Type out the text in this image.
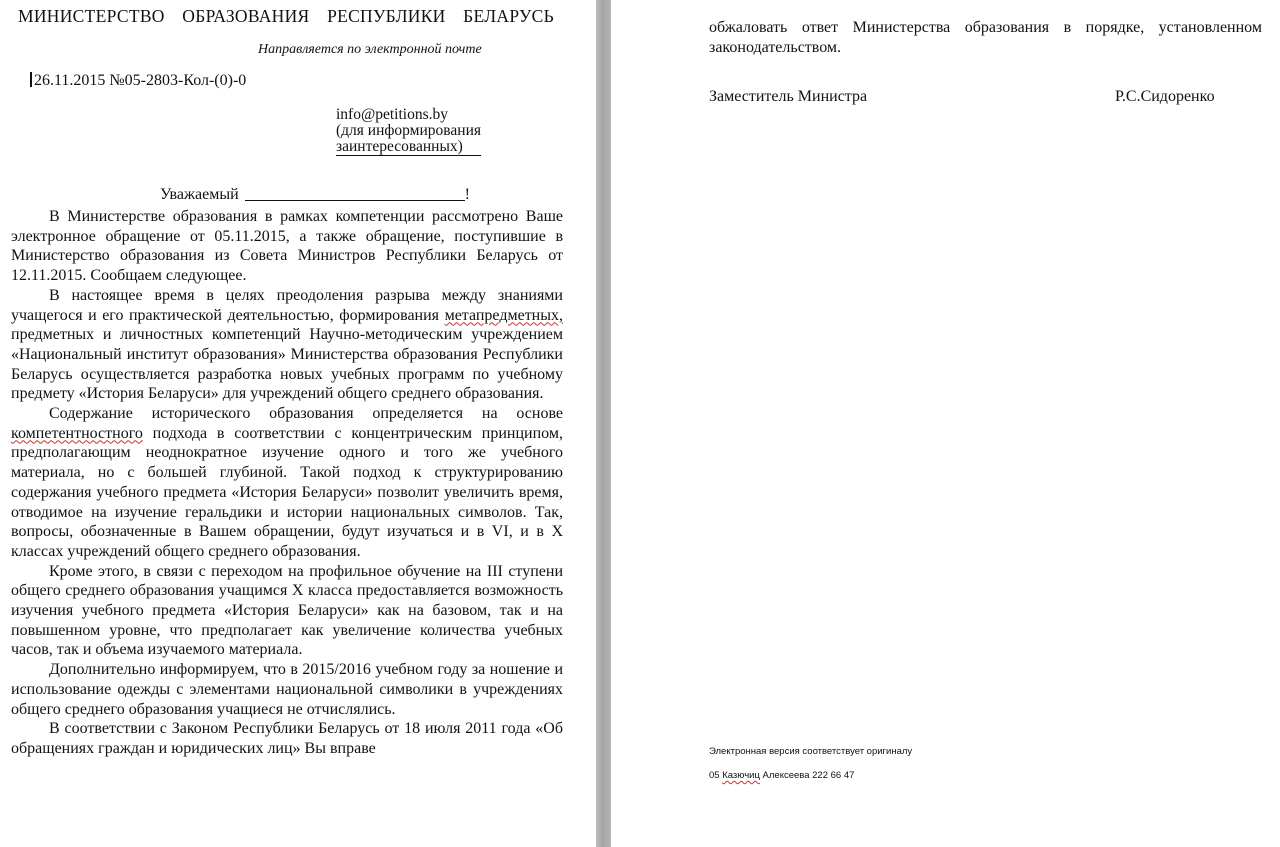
МИНИСТЕРСТВО ОБРАЗОВАНИЯ РЕСПУБЛИКИ БЕЛАРУСЬ
Направляется по электронной почте
26.11.2015 №05-2803-Кол-(0)-0
info@petitions.by
(для информирования
заинтересованных)
Уважаемый	!

В Министерстве образования в рамках компетенции рассмотрено Ваше электронное обращение от 05.11.2015, а также обращение, поступившие в Министерство образования из Совета Министров Республики Беларусь от 12.11.2015. Сообщаем следующее.

В настоящее время в целях преодоления разрыва между знаниями учащегося и его практической деятельностью, формирования метапредметных, предметных и личностных компетенций Научно-методическим учреждением «Национальный институт образования» Министерства образования Республики Беларусь осуществляется разработка новых учебных программ по учебному предмету «История Беларуси» для учреждений общего среднего образования.

Содержание исторического образования определяется на основе компетентностного подхода в соответствии с концентрическим принципом, предполагающим неоднократное изучение одного и того же учебного материала, но с большей глубиной. Такой подход к структурированию содержания учебного предмета «История Беларуси» позволит увеличить время, отводимое на изучение геральдики и истории национальных символов. Так, вопросы, обозначенные в Вашем обращении, будут изучаться и в VI, и в X классах учреждений общего среднего образования.

Кроме этого, в связи с переходом на профильное обучение на III ступени общего среднего образования учащимся X класса предоставляется возможность изучения учебного предмета «История Беларуси» как на базовом, так и на повышенном уровне, что предполагает как увеличение количества учебных часов, так и объема изучаемого материала.

Дополнительно информируем, что в 2015/2016 учебном году за ношение и использование одежды с элементами национальной символики в учреждениях общего среднего образования учащиеся не отчислялись.

В соответствии с Законом Республики Беларусь от 18 июля 2011 года «Об обращениях граждан и юридических лиц» Вы вправе

обжаловать ответ Министерства образования в порядке, установленном законодательством.

Заместитель Министра	Р.С.Сидоренко
Электронная версия соответствует оригиналу
05 Казючиц Алексеева 222 66 47
